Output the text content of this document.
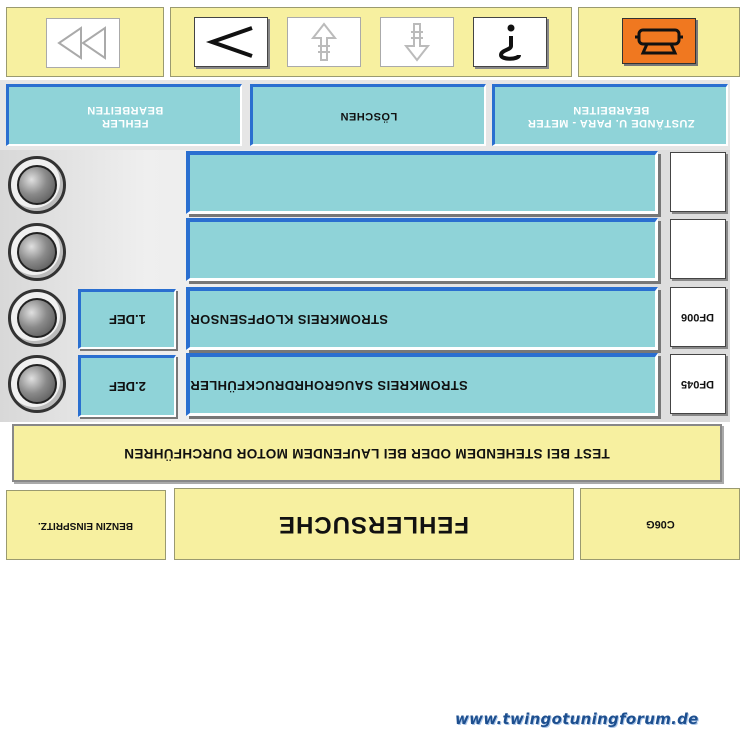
FEHLER BEARBEITEN
LÖSCHEN
ZUSTÄNDE U. PARA - METER BEARBEITEN
1.DEF	STROMKREIS KLOPFSENSOR	DF006
2.DEF	STROMKREIS SAUGROHRDRUCKFÜHLER	DF045
TEST BEI STEHENDEM ODER BEI LAUFENDEM MOTOR DURCHFÜHREN
BENZIN EINSPRITZ.	FEHLERSUCHE	C06G
www.twingotuningforum.de
